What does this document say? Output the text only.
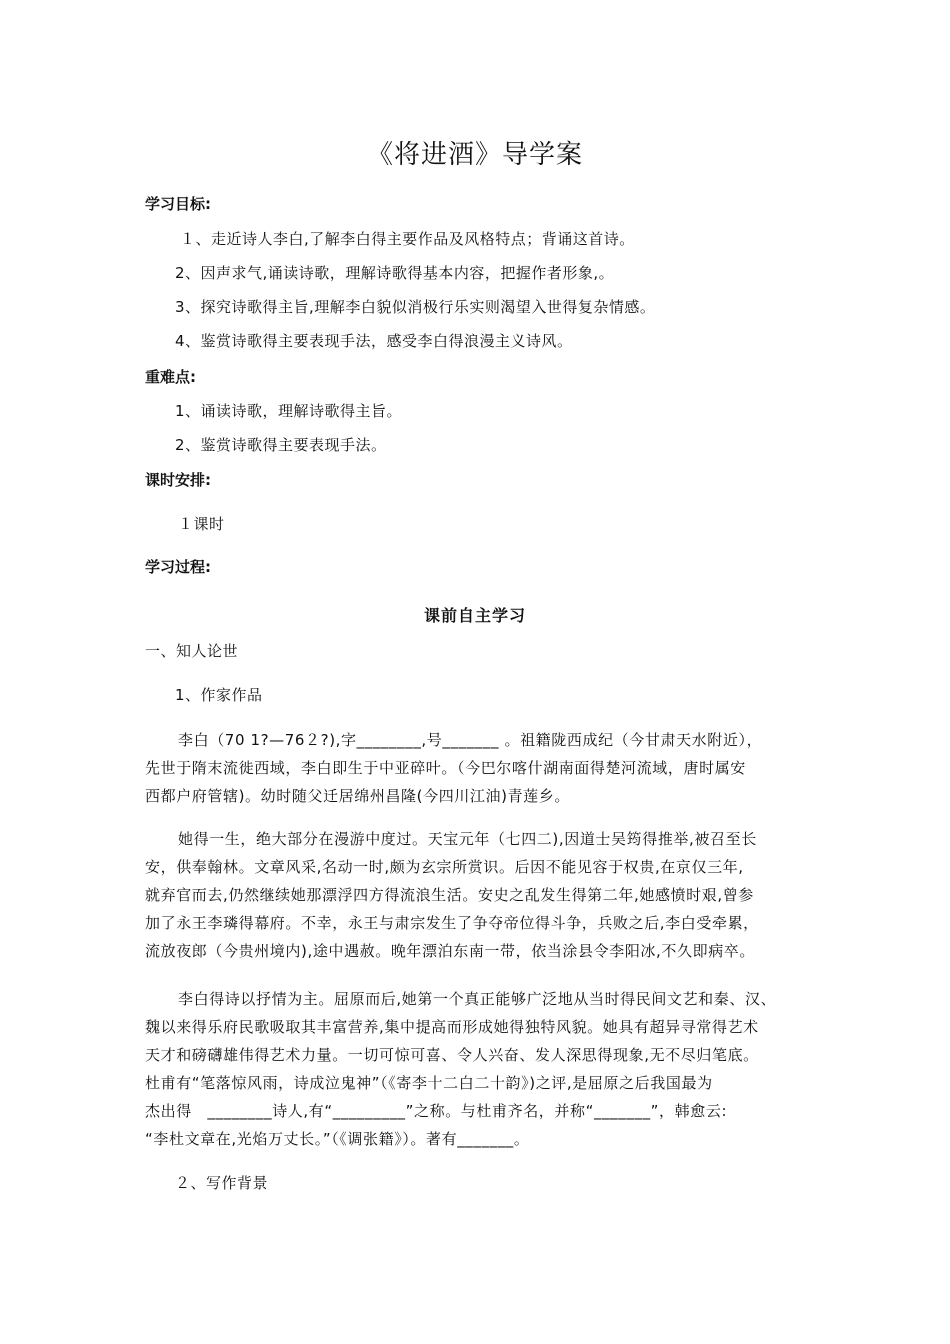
《将进酒》导学案
学习目标:
１、走近诗人李白,了解李白得主要作品及风格特点；背诵这首诗。
2、因声求气,诵读诗歌，理解诗歌得基本内容，把握作者形象,。
3、探究诗歌得主旨,理解李白貌似消极行乐实则渴望入世得复杂情感。
4、鉴赏诗歌得主要表现手法，感受李白得浪漫主义诗风。
重难点:
1、诵读诗歌，理解诗歌得主旨。
2、鉴赏诗歌得主要表现手法。
课时安排:
１课时
学习过程:
课前自主学习
一、知人论世
1、作家作品
李白（70 1?—76２?),字________,号_______ 。祖籍陇西成纪（今甘肃天水附近），
先世于隋末流徙西域，李白即生于中亚碎叶。（今巴尔喀什湖南面得楚河流域，唐时属安
西都户府管辖)。幼时随父迁居绵州昌隆(今四川江油)青莲乡。
她得一生，绝大部分在漫游中度过。天宝元年（七四二),因道士吴筠得推举,被召至长
安，供奉翰林。文章风采,名动一时,颇为玄宗所赏识。后因不能见容于权贵,在京仅三年,
就弃官而去,仍然继续她那漂浮四方得流浪生活。安史之乱发生得第二年,她感愤时艰,曾参
加了永王李璘得幕府。不幸，永王与肃宗发生了争夺帝位得斗争，兵败之后,李白受牵累，
流放夜郎（今贵州境内),途中遇赦。晚年漂泊东南一带，依当涂县令李阳冰,不久即病卒。
李白得诗以抒情为主。屈原而后,她第一个真正能够广泛地从当时得民间文艺和秦、汉、
魏以来得乐府民歌吸取其丰富营养,集中提高而形成她得独特风貌。她具有超异寻常得艺术
天才和磅礴雄伟得艺术力量。一切可惊可喜、令人兴奋、发人深思得现象,无不尽归笔底。
杜甫有“笔落惊风雨，诗成泣鬼神”（《寄李十二白二十韵》)之评,是屈原之后我国最为
杰出得　________诗人,有“_________”之称。与杜甫齐名，并称“_______”，韩愈云:
“李杜文章在,光焰万丈长。”（《调张籍》）。著有_______。
２、写作背景
